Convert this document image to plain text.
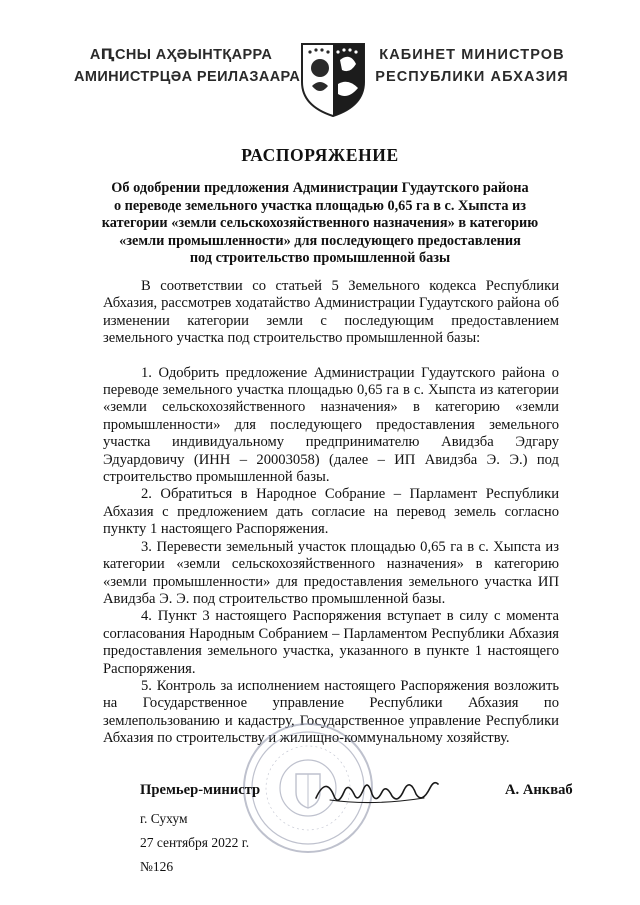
АԤСНЫ АҲӘЫНТҚАРРА
АМИНИСТРЦӘА РЕИЛАЗААРА
КАБИНЕТ МИНИСТРОВ
РЕСПУБЛИКИ АБХАЗИЯ
РАСПОРЯЖЕНИЕ
Об одобрении предложения Администрации Гудаутского района
о переводе земельного участка площадью 0,65 га в с. Хыпста из
категории «земли сельскохозяйственного назначения» в категорию
«земли промышленности» для последующего предоставления
под строительство промышленной базы

В соответствии со статьей 5 Земельного кодекса Республики Абхазия, рассмотрев ходатайство Администрации Гудаутского района об изменении категории земли с последующим предоставлением земельного участка под строительство промышленной базы:

1. Одобрить предложение Администрации Гудаутского района о переводе земельного участка площадью 0,65 га в с. Хыпста из категории «земли сельскохозяйственного назначения» в категорию «земли промышленности» для последующего предоставления земельного участка индивидуальному предпринимателю Авидзба Эдгару Эдуардовичу (ИНН – 20003058) (далее – ИП Авидзба Э. Э.) под строительство промышленной базы.

2. Обратиться в Народное Собрание – Парламент Республики Абхазия с предложением дать согласие на перевод земель согласно пункту 1 настоящего Распоряжения.

3. Перевести земельный участок площадью 0,65 га в с. Хыпста из категории «земли сельскохозяйственного назначения» в категорию «земли промышленности» для предоставления земельного участка ИП Авидзба Э. Э. под строительство промышленной базы.

4. Пункт 3 настоящего Распоряжения вступает в силу с момента согласования Народным Собранием – Парламентом Республики Абхазия предоставления земельного участка, указанного в пункте 1 настоящего Распоряжения.

5. Контроль за исполнением настоящего Распоряжения возложить на Государственное управление Республики Абхазия по землепользованию и кадастру, Государственное управление Республики Абхазия по строительству и жилищно-коммунальному хозяйству.

Премьер-министр	А. Анкваб
г. Сухум
27 сентября 2022 г.
№126
